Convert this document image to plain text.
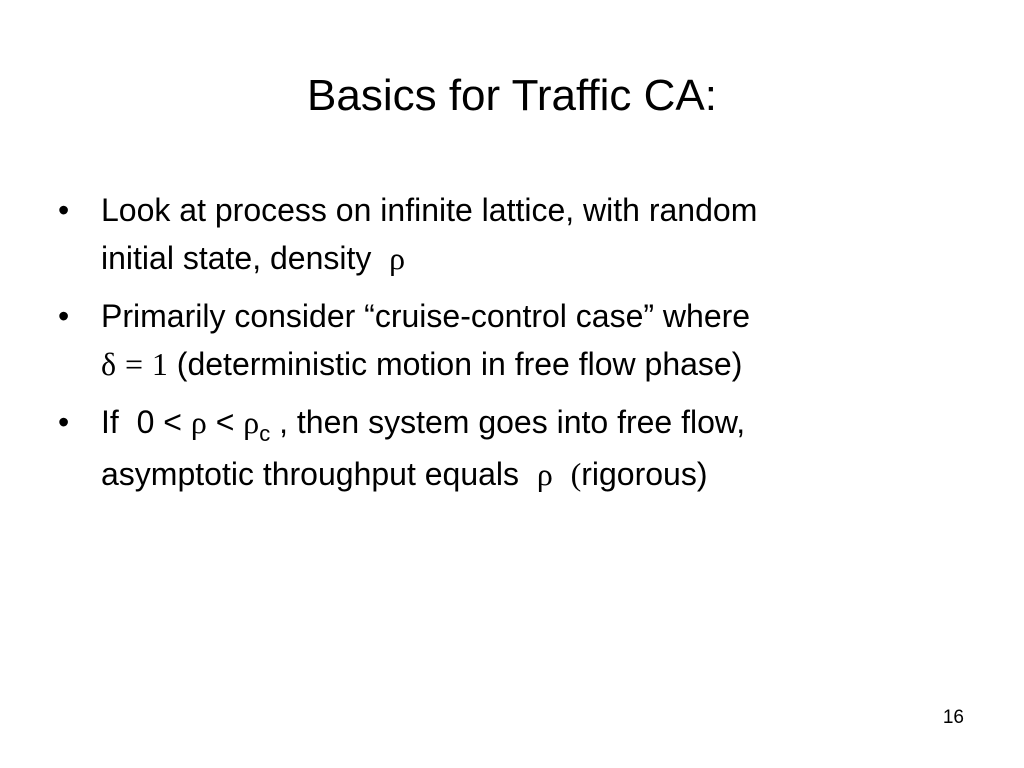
Basics for Traffic CA:
• Look at process on infinite lattice, with random
initial state, density ρ
• Primarily consider “cruise-control case” where
δ = 1 (deterministic motion in free flow phase)
• If $0 < \rho < \rho_c$ , then system goes into free flow,
asymptotic throughput equals ρ (rigorous)
16
